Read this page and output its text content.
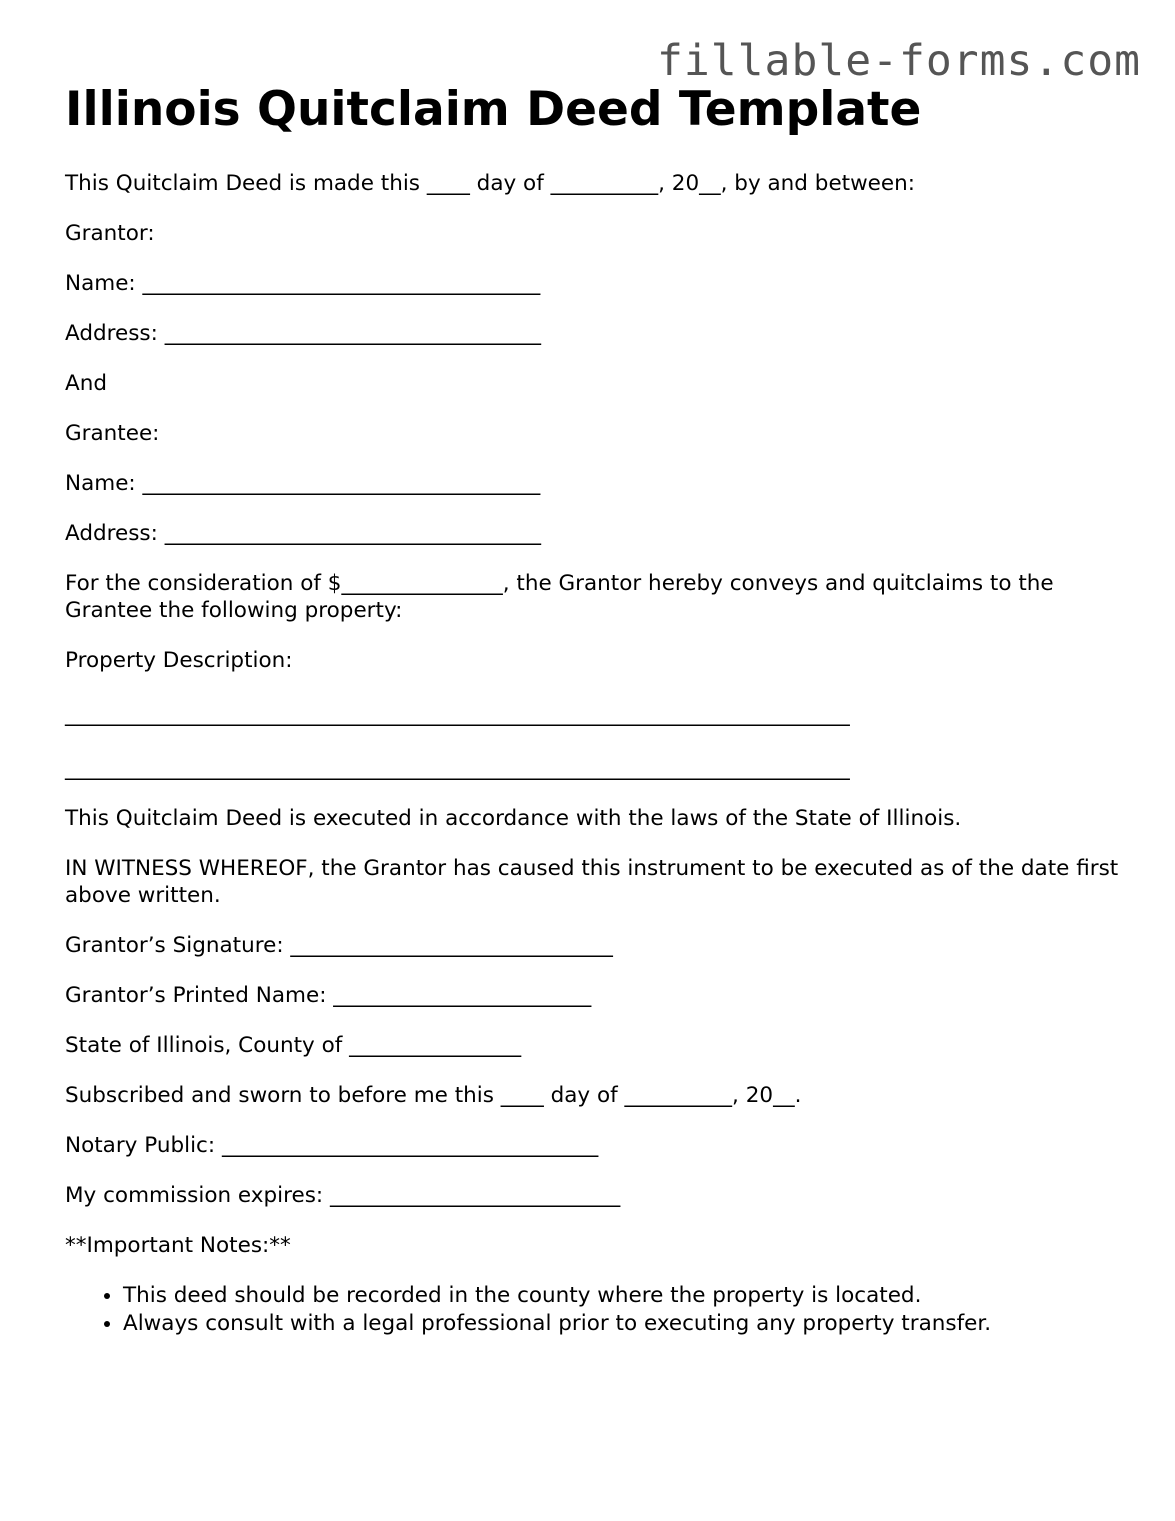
fillable-forms.com
Illinois Quitclaim Deed Template
This Quitclaim Deed is made this ____ day of __________, 20__, by and between:
Grantor:
Name: _____________________________________
Address: ___________________________________
And
Grantee:
Name: _____________________________________
Address: ___________________________________
For the consideration of $_______________, the Grantor hereby conveys and quitclaims to the Grantee the following property:
Property Description:
_________________________________________________________________________
_________________________________________________________________________
This Quitclaim Deed is executed in accordance with the laws of the State of Illinois.
IN WITNESS WHEREOF, the Grantor has caused this instrument to be executed as of the date first above written.
Grantor’s Signature: ______________________________
Grantor’s Printed Name: ________________________
State of Illinois, County of ________________
Subscribed and sworn to before me this ____ day of __________, 20__.
Notary Public: ___________________________________
My commission expires: ___________________________
**Important Notes:**
• This deed should be recorded in the county where the property is located.
• Always consult with a legal professional prior to executing any property transfer.
